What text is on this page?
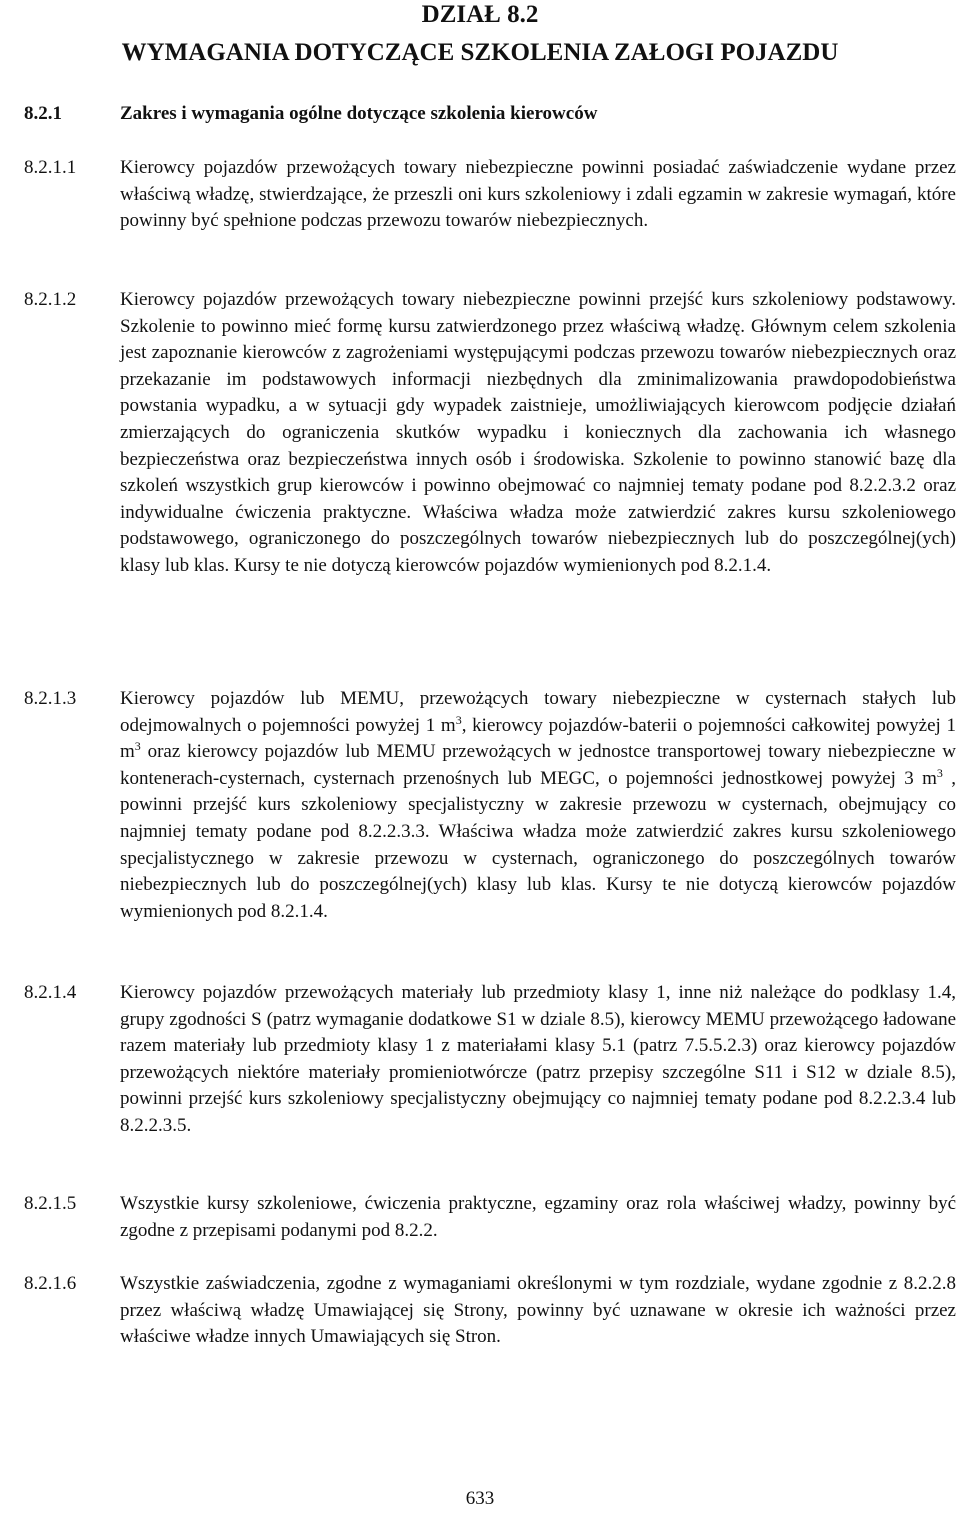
DZIAŁ 8.2
WYMAGANIA DOTYCZĄCE SZKOLENIA ZAŁOGI POJAZDU
8.2.1	Zakres i wymagania ogólne dotyczące szkolenia kierowców
8.2.1.1 Kierowcy pojazdów przewożących towary niebezpieczne powinni posiadać zaświadczenie wydane przez właściwą władzę, stwierdzające, że przeszli oni kurs szkoleniowy i zdali egzamin w zakresie wymagań, które powinny być spełnione podczas przewozu towarów niebezpiecznych.

8.2.1.2 Kierowcy pojazdów przewożących towary niebezpieczne powinni przejść kurs szkoleniowy podstawowy. Szkolenie to powinno mieć formę kursu zatwierdzonego przez właściwą władzę. Głównym celem szkolenia jest zapoznanie kierowców z zagrożeniami występującymi podczas przewozu towarów niebezpiecznych oraz przekazanie im podstawowych informacji niezbędnych dla zminimalizowania prawdopodobieństwa powstania wypadku, a w sytuacji gdy wypadek zaistnieje, umożliwiających kierowcom podjęcie działań zmierzających do ograniczenia skutków wypadku i koniecznych dla zachowania ich własnego bezpieczeństwa oraz bezpieczeństwa innych osób i środowiska. Szkolenie to powinno stanowić bazę dla szkoleń wszystkich grup kierowców i powinno obejmować co najmniej tematy podane pod 8.2.2.3.2 oraz indywidualne ćwiczenia praktyczne. Właściwa władza może zatwierdzić zakres kursu szkoleniowego podstawowego, ograniczonego do poszczególnych towarów niebezpiecznych lub do poszczególnej(ych) klasy lub klas. Kursy te nie dotyczą kierowców pojazdów wymienionych pod 8.2.1.4.

8.2.1.3 Kierowcy pojazdów lub MEMU, przewożących towary niebezpieczne w cysternach stałych lub odejmowalnych o pojemności powyżej 1 $m^3$, kierowcy pojazdów-baterii o pojemności całkowitej powyżej 1 $m^3$ oraz kierowcy pojazdów lub MEMU przewożących w jednostce transportowej towary niebezpieczne w kontenerach-cysternach, cysternach przenośnych lub MEGC, o pojemności jednostkowej powyżej 3 $m^3$ , powinni przejść kurs szkoleniowy specjalistyczny w zakresie przewozu w cysternach, obejmujący co najmniej tematy podane pod 8.2.2.3.3. Właściwa władza może zatwierdzić zakres kursu szkoleniowego specjalistycznego w zakresie przewozu w cysternach, ograniczonego do poszczególnych towarów niebezpiecznych lub do poszczególnej(ych) klasy lub klas. Kursy te nie dotyczą kierowców pojazdów wymienionych pod 8.2.1.4.

8.2.1.4 Kierowcy pojazdów przewożących materiały lub przedmioty klasy 1, inne niż należące do podklasy 1.4, grupy zgodności S (patrz wymaganie dodatkowe S1 w dziale 8.5), kierowcy MEMU przewożącego ładowane razem materiały lub przedmioty klasy 1 z materiałami klasy 5.1 (patrz 7.5.5.2.3) oraz kierowcy pojazdów przewożących niektóre materiały promieniotwórcze (patrz przepisy szczególne S11 i S12 w dziale 8.5), powinni przejść kurs szkoleniowy specjalistyczny obejmujący co najmniej tematy podane pod 8.2.2.3.4 lub 8.2.2.3.5.

8.2.1.5 Wszystkie kursy szkoleniowe, ćwiczenia praktyczne, egzaminy oraz rola właściwej władzy, powinny być zgodne z przepisami podanymi pod 8.2.2.

8.2.1.6 Wszystkie zaświadczenia, zgodne z wymaganiami określonymi w tym rozdziale, wydane zgodnie z 8.2.2.8 przez właściwą władzę Umawiającej się Strony, powinny być uznawane w okresie ich ważności przez właściwe władze innych Umawiających się Stron.

633
